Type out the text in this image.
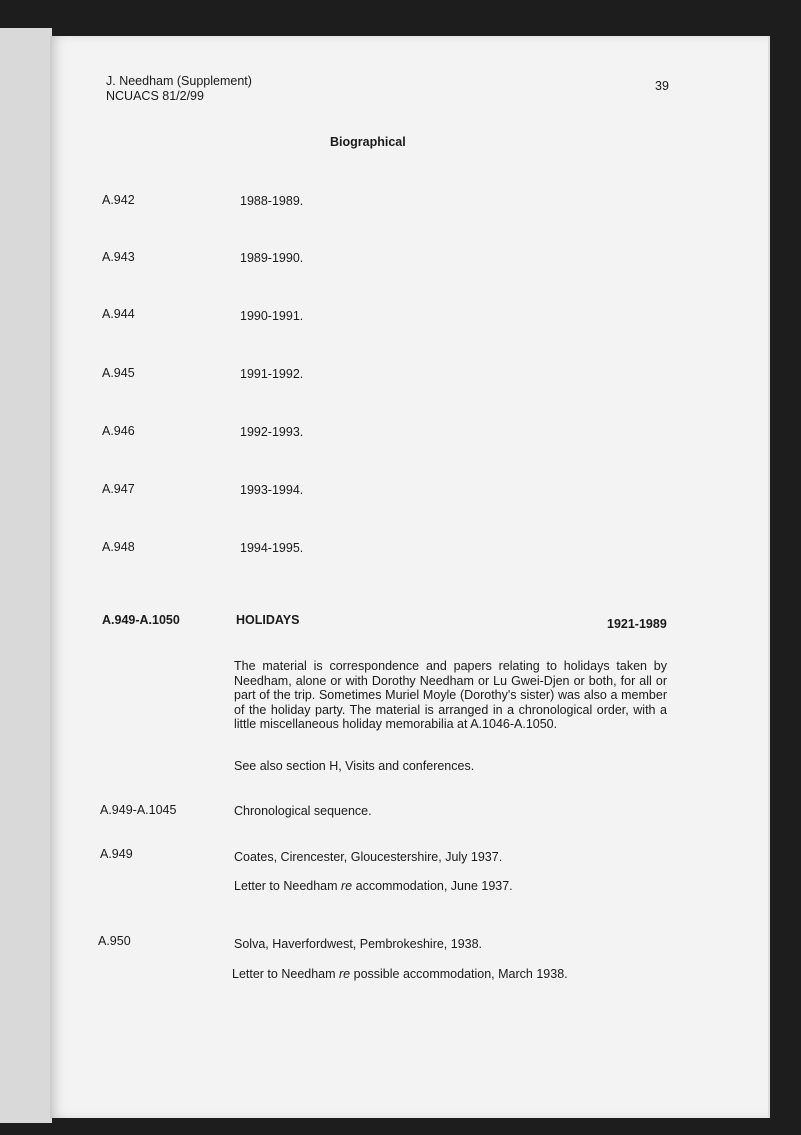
J. Needham (Supplement)
NCUACS 81/2/99
39
Biographical
A.942	1988-1989.
A.943	1989-1990.
A.944	1990-1991.
A.945	1991-1992.
A.946	1992-1993.
A.947	1993-1994.
A.948	1994-1995.
A.949-A.1050	HOLIDAYS	1921-1989

The material is correspondence and papers relating to holidays taken by Needham, alone or with Dorothy Needham or Lu Gwei-Djen or both, for all or part of the trip. Sometimes Muriel Moyle (Dorothy's sister) was also a member of the holiday party. The material is arranged in a chronological order, with a little miscellaneous holiday memorabilia at A.1046-A.1050.

See also section H, Visits and conferences.
A.949-A.1045	Chronological sequence.
A.949	Coates, Cirencester, Gloucestershire, July 1937.
Letter to Needham re accommodation, June 1937.
A.950	Solva, Haverfordwest, Pembrokeshire, 1938.
Letter to Needham re possible accommodation, March 1938.
